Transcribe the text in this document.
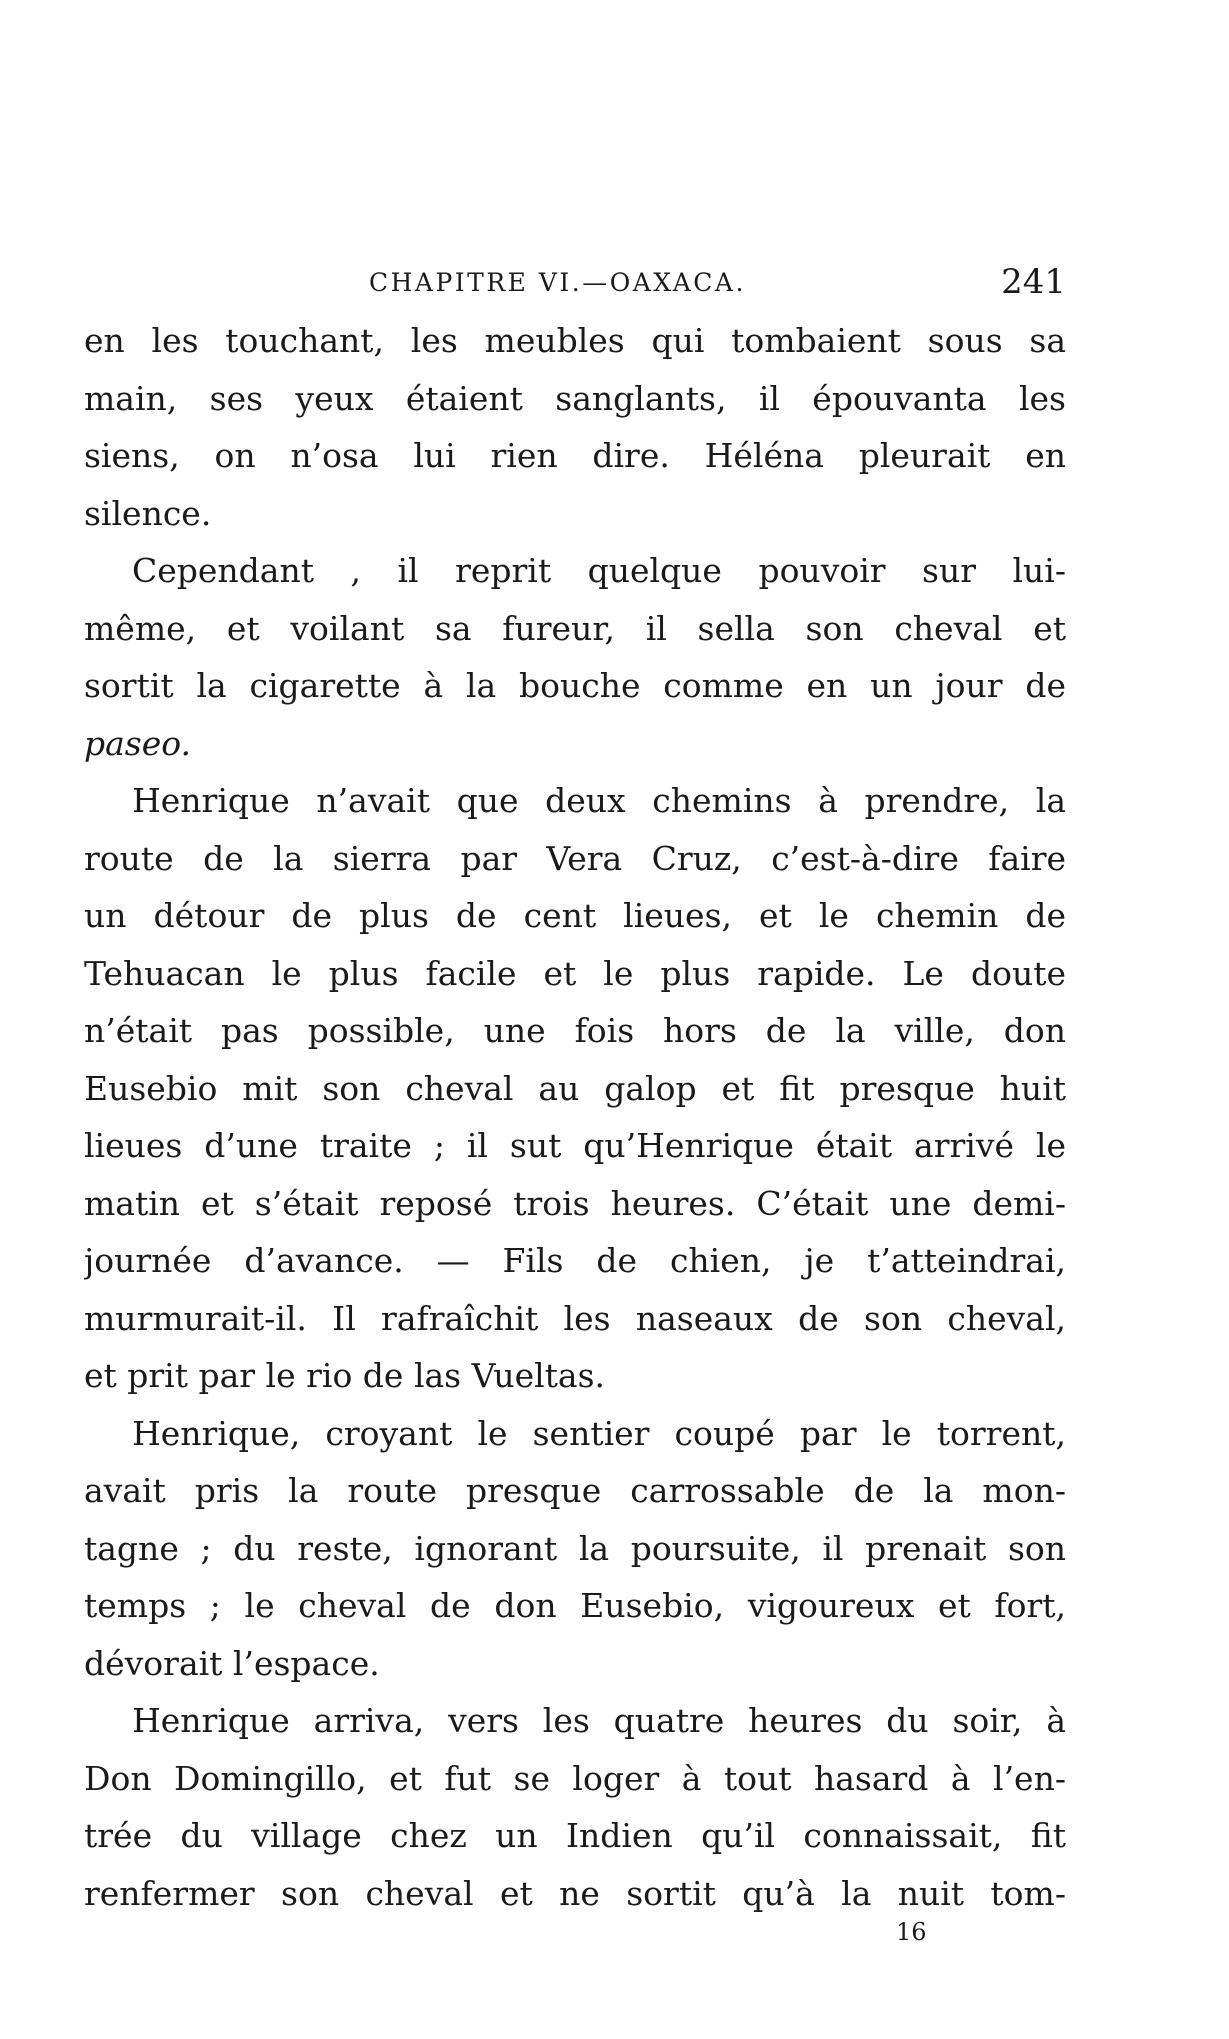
CHAPITRE VI.—OAXACA.	241
en les touchant, les meubles qui tombaient sous sa
main, ses yeux étaient sanglants, il épouvanta les
siens, on n’osa lui rien dire. Héléna pleurait en
silence.
Cependant , il reprit quelque pouvoir sur lui-
même, et voilant sa fureur, il sella son cheval et
sortit la cigarette à la bouche comme en un jour de
paseo.
Henrique n’avait que deux chemins à prendre, la
route de la sierra par Vera Cruz, c’est-à-dire faire
un détour de plus de cent lieues, et le chemin de
Tehuacan le plus facile et le plus rapide. Le doute
n’était pas possible, une fois hors de la ville, don
Eusebio mit son cheval au galop et fit presque huit
lieues d’une traite ; il sut qu’Henrique était arrivé le
matin et s’était reposé trois heures. C’était une demi-
journée d’avance. — Fils de chien, je t’atteindrai,
murmurait-il. Il rafraîchit les naseaux de son cheval,
et prit par le rio de las Vueltas.
Henrique, croyant le sentier coupé par le torrent,
avait pris la route presque carrossable de la mon-
tagne ; du reste, ignorant la poursuite, il prenait son
temps ; le cheval de don Eusebio, vigoureux et fort,
dévorait l’espace.
Henrique arriva, vers les quatre heures du soir, à
Don Domingillo, et fut se loger à tout hasard à l’en-
trée du village chez un Indien qu’il connaissait, fit
renfermer son cheval et ne sortit qu’à la nuit tom-
16
